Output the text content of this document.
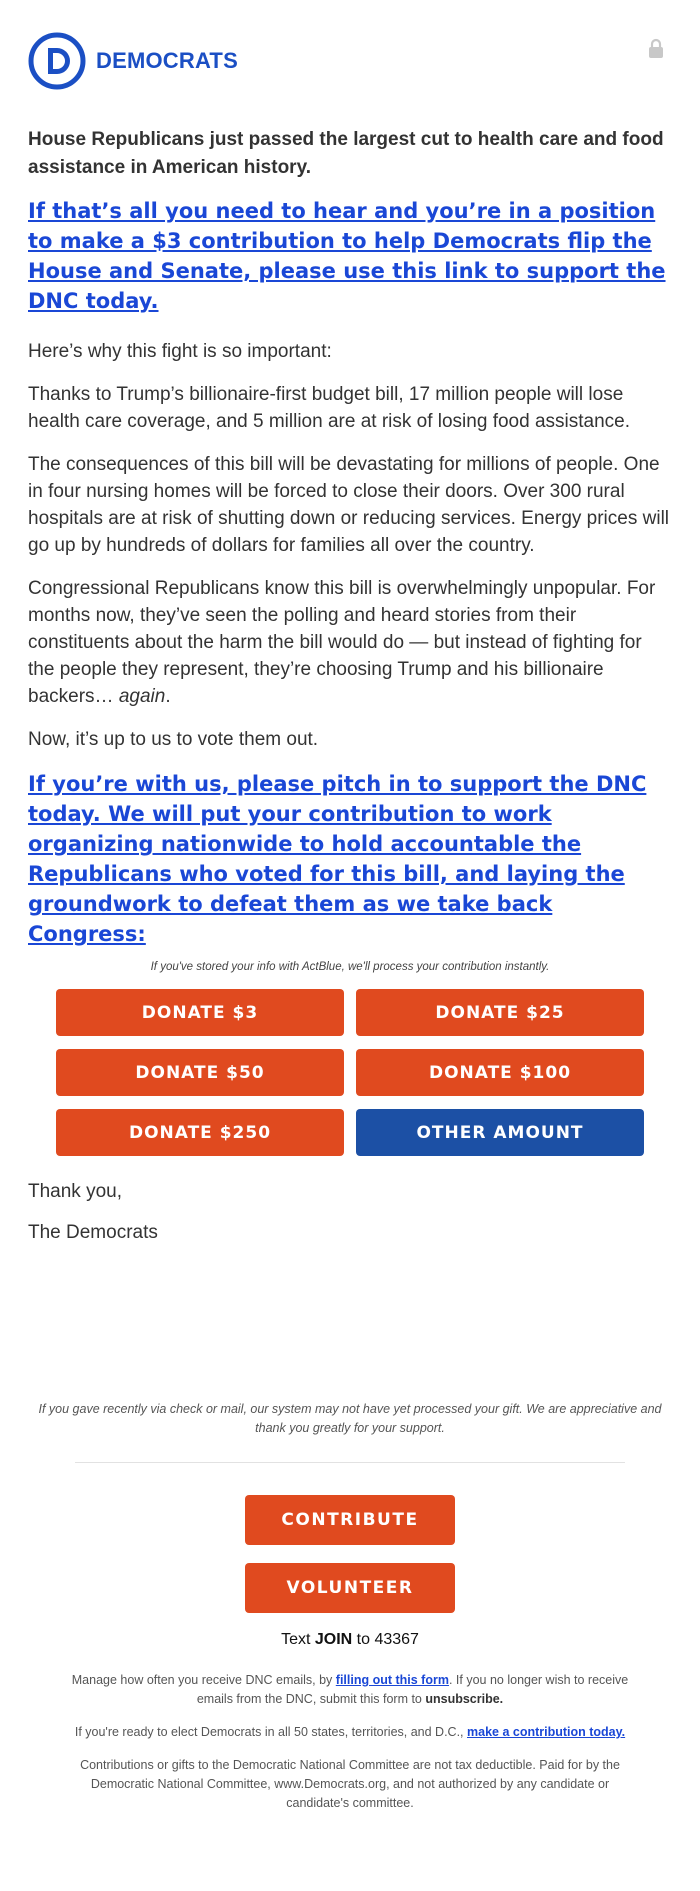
DEMOCRATS

House Republicans just passed the largest cut to health care and food assistance in American history.

If that’s all you need to hear and you’re in a position to make a $3 contribution to help Democrats flip the House and Senate, please use this link to support the DNC today.

Here’s why this fight is so important:

Thanks to Trump’s billionaire-first budget bill, 17 million people will lose health care coverage, and 5 million are at risk of losing food assistance.

The consequences of this bill will be devastating for millions of people. One in four nursing homes will be forced to close their doors. Over 300 rural hospitals are at risk of shutting down or reducing services. Energy prices will go up by hundreds of dollars for families all over the country.

Congressional Republicans know this bill is overwhelmingly unpopular. For months now, they’ve seen the polling and heard stories from their constituents about the harm the bill would do — but instead of fighting for the people they represent, they’re choosing Trump and his billionaire backers… again.

Now, it’s up to us to vote them out.

If you’re with us, please pitch in to support the DNC today. We will put your contribution to work organizing nationwide to hold accountable the Republicans who voted for this bill, and laying the groundwork to defeat them as we take back Congress:

If you've stored your info with ActBlue, we'll process your contribution instantly.

DONATE $3	DONATE $25
DONATE $50	DONATE $100
DONATE $250	OTHER AMOUNT

Thank you,

The Democrats

If you gave recently via check or mail, our system may not have yet processed your gift. We are appreciative and thank you greatly for your support.

CONTRIBUTE
VOLUNTEER

Text JOIN to 43367

Manage how often you receive DNC emails, by filling out this form. If you no longer wish to receive emails from the DNC, submit this form to unsubscribe.

If you're ready to elect Democrats in all 50 states, territories, and D.C., make a contribution today.

Contributions or gifts to the Democratic National Committee are not tax deductible. Paid for by the Democratic National Committee, www.Democrats.org, and not authorized by any candidate or candidate's committee.
